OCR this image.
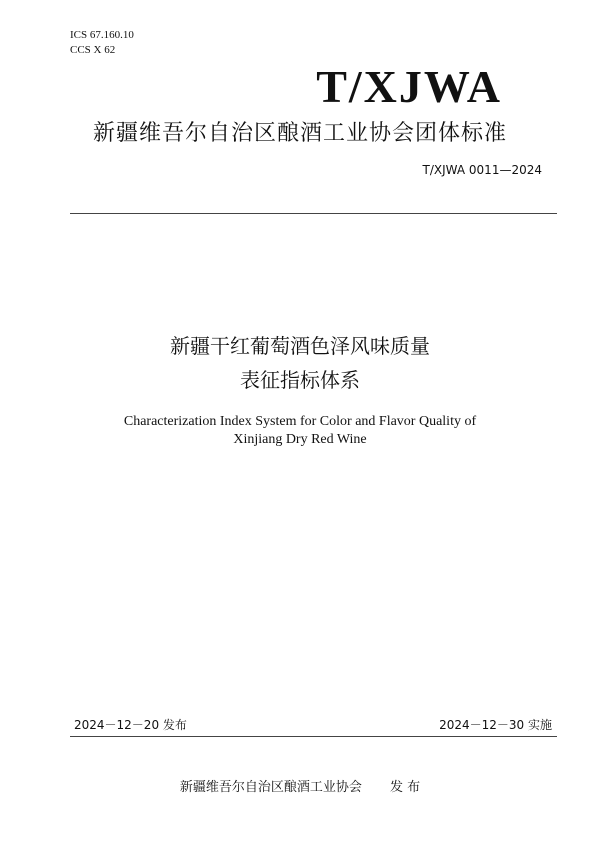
ICS 67.160.10
CCS X 62
T/XJWA
新疆维吾尔自治区酿酒工业协会团体标准
T/XJWA 0011—2024
新疆干红葡萄酒色泽风味质量
表征指标体系
Characterization Index System for Color and Flavor Quality of
Xinjiang Dry Red Wine
2024－12－20 发布	2024－12－30 实施
新疆维吾尔自治区酿酒工业协会 发 布
